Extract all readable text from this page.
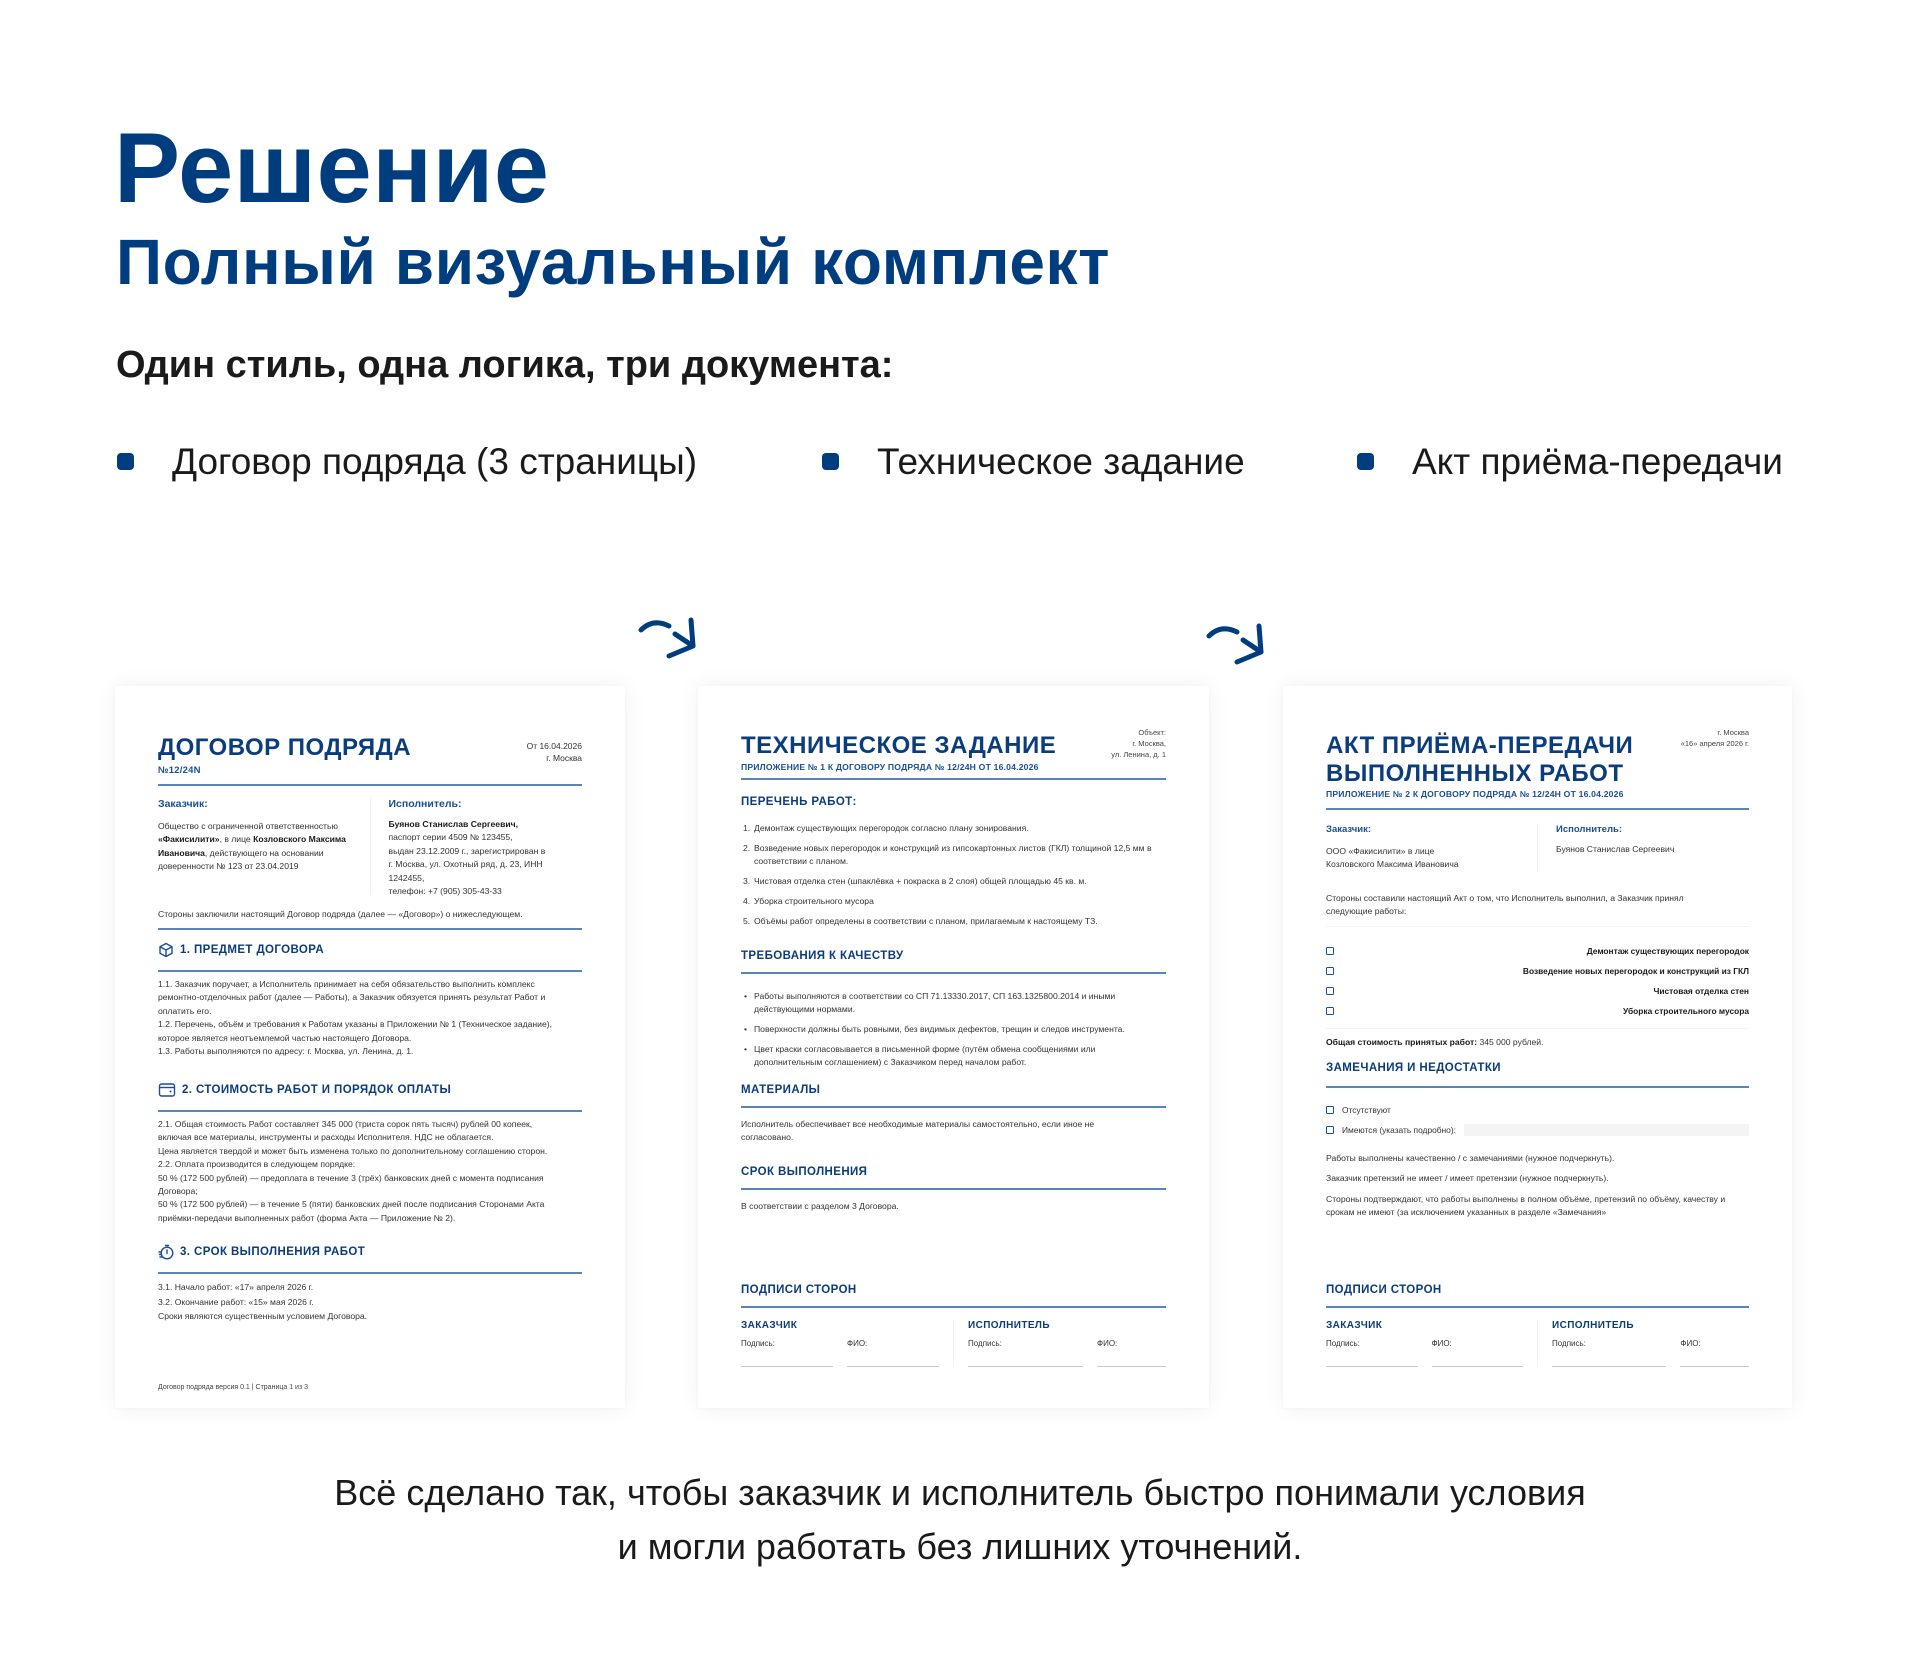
Решение
Полный визуальный комплект
Один стиль, одна логика, три документа:
Договор подряда (3 страницы)	Техническое задание	Акт приёма-передачи
ДОГОВОР ПОДРЯДА
№12/24N
От 16.04.2026
г. Москва
Заказчик:
Общество с ограниченной ответственностью
«Факисилити», в лице Козловского Максима
Ивановича, действующего на основании
доверенности № 123 от 23.04.2019
Исполнитель:
Буянов Станислав Сергеевич,
паспорт серии 4509 № 123455,
выдан 23.12.2009 г., зарегистрирован в
г. Москва, ул. Охотный ряд, д. 23, ИНН
1242455,
телефон: +7 (905) 305-43-33
Стороны заключили настоящий Договор подряда (далее — «Договор») о нижеследующем.
1. ПРЕДМЕТ ДОГОВОРА
1.1. Заказчик поручает, а Исполнитель принимает на себя обязательство выполнить комплекс
ремонтно-отделочных работ (далее — Работы), а Заказчик обязуется принять результат Работ и
оплатить его.
1.2. Перечень, объём и требования к Работам указаны в Приложении № 1 (Техническое задание),
которое является неотъемлемой частью настоящего Договора.
1.3. Работы выполняются по адресу: г. Москва, ул. Ленина, д. 1.
2. СТОИМОСТЬ РАБОТ И ПОРЯДОК ОПЛАТЫ
2.1. Общая стоимость Работ составляет 345 000 (триста сорок пять тысяч) рублей 00 копеек,
включая все материалы, инструменты и расходы Исполнителя. НДС не облагается.
Цена является твердой и может быть изменена только по дополнительному соглашению сторон.
2.2. Оплата производится в следующем порядке:
50 % (172 500 рублей) — предоплата в течение 3 (трёх) банковских дней с момента подписания
Договора;
50 % (172 500 рублей) — в течение 5 (пяти) банковских дней после подписания Сторонами Акта
приёмки-передачи выполненных работ (форма Акта — Приложение № 2).
3. СРОК ВЫПОЛНЕНИЯ РАБОТ
3.1. Начало работ: «17» апреля 2026 г.
3.2. Окончание работ: «15» мая 2026 г.
Сроки являются существенным условием Договора.
Договор подряда версия 0.1 | Страница 1 из 3
ТЕХНИЧЕСКОЕ ЗАДАНИЕ
ПРИЛОЖЕНИЕ № 1 К ДОГОВОРУ ПОДРЯДА № 12/24Н ОТ 16.04.2026
Объект:
г. Москва,
ул. Ленина, д. 1
ПЕРЕЧЕНЬ РАБОТ:
1. Демонтаж существующих перегородок согласно плану зонирования.
2. Возведение новых перегородок и конструкций из гипсокартонных листов (ГКЛ) толщиной 12,5 мм в соответствии с планом.
3. Чистовая отделка стен (шпаклёвка + покраска в 2 слоя) общей площадью 45 кв. м.
4. Уборка строительного мусора
5. Объёмы работ определены в соответствии с планом, прилагаемым к настоящему ТЗ.
ТРЕБОВАНИЯ К КАЧЕСТВУ
• Работы выполняются в соответствии со СП 71.13330.2017, СП 163.1325800.2014 и иными действующими нормами.
• Поверхности должны быть ровными, без видимых дефектов, трещин и следов инструмента.
• Цвет краски согласовывается в письменной форме (путём обмена сообщениями или дополнительным соглашением) с Заказчиком перед началом работ.
МАТЕРИАЛЫ
Исполнитель обеспечивает все необходимые материалы самостоятельно, если иное не согласовано.
СРОК ВЫПОЛНЕНИЯ
В соответствии с разделом 3 Договора.
ПОДПИСИ СТОРОН
ЗАКАЗЧИК
Подпись:	ФИО:
ИСПОЛНИТЕЛЬ
Подпись:	ФИО:
АКТ ПРИЁМА-ПЕРЕДАЧИ
ВЫПОЛНЕННЫХ РАБОТ
ПРИЛОЖЕНИЕ № 2 К ДОГОВОРУ ПОДРЯДА № 12/24Н ОТ 16.04.2026
г. Москва
«16» апреля 2026 г.
Заказчик:
ООО «Факисилити» в лице Козловского Максима Ивановича
Исполнитель:
Буянов Станислав Сергеевич
Стороны составили настоящий Акт о том, что Исполнитель выполнил, а Заказчик принял следующие работы:
Демонтаж существующих перегородок
Возведение новых перегородок и конструкций из ГКЛ
Чистовая отделка стен
Уборка строительного мусора
Общая стоимость принятых работ: 345 000 рублей.
ЗАМЕЧАНИЯ И НЕДОСТАТКИ
Отсутствуют
Имеются (указать подробно):
Работы выполнены качественно / с замечаниями (нужное подчеркнуть).
Заказчик претензий не имеет / имеет претензии (нужное подчеркнуть).
Стороны подтверждают, что работы выполнены в полном объёме, претензий по объёму, качеству и срокам не имеют (за исключением указанных в разделе «Замечания»
ПОДПИСИ СТОРОН
ЗАКАЗЧИК
Подпись:	ФИО:
ИСПОЛНИТЕЛЬ
Подпись:	ФИО:
Всё сделано так, чтобы заказчик и исполнитель быстро понимали условия
и могли работать без лишних уточнений.
